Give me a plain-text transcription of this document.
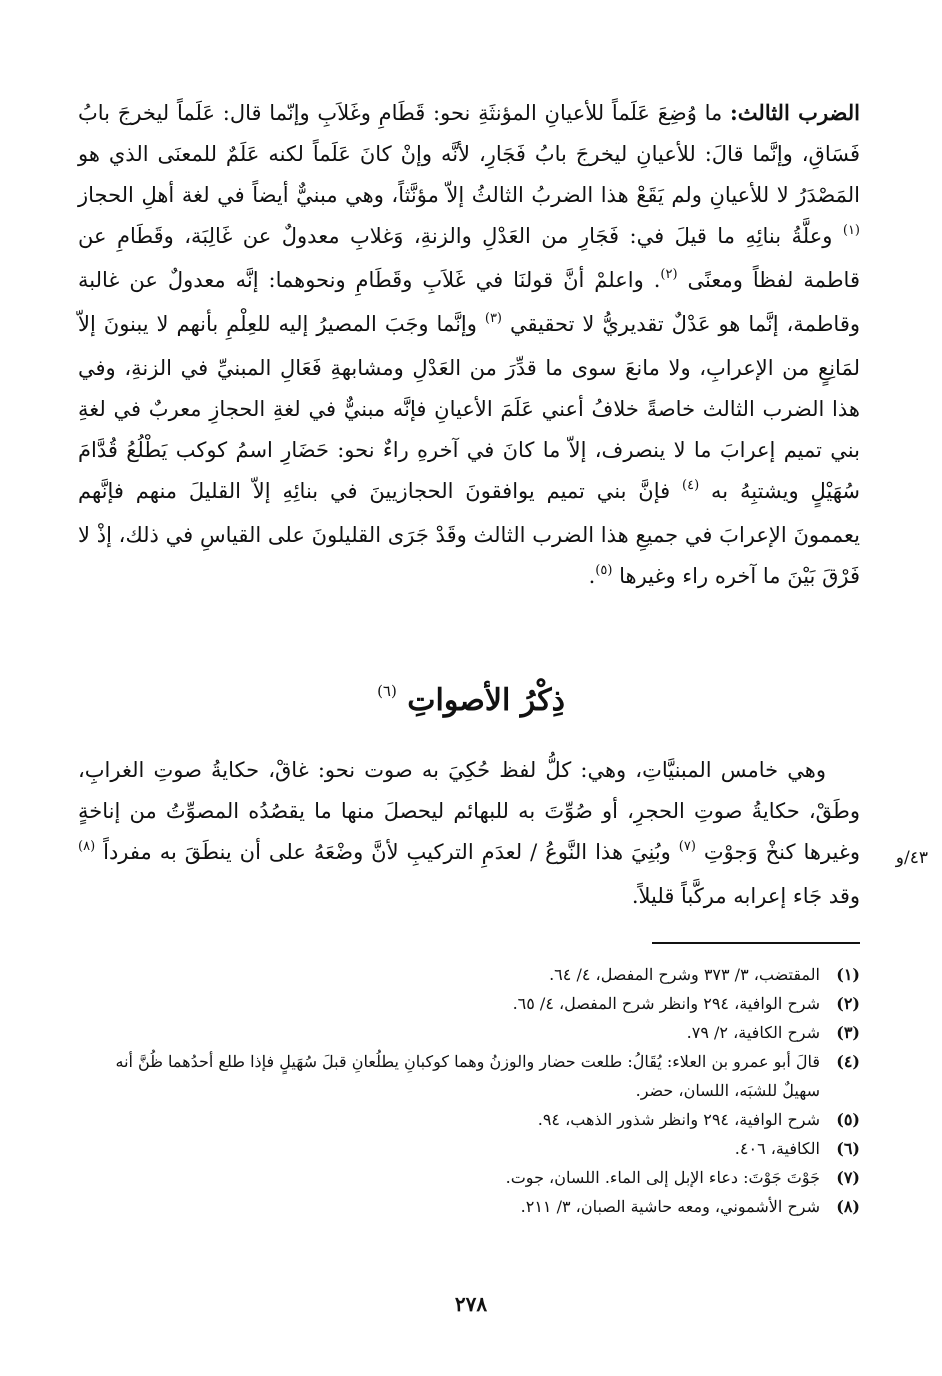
الضرب الثالث: ما وُضِعَ عَلَماً للأعيانِ المؤنثَةِ نحو: قَطَامِ وغَلاَبِ وإنّما قال: عَلَماً ليخرجَ بابُ فَسَاقِ، وإنَّما قالَ: للأعيانِ ليخرجَ بابُ فَجَارِ، لأنَّه وإنْ كانَ عَلَماً لكنه عَلَمٌ للمعنَى الذي هو المَصْدَرُ لا للأعيانِ ولم يَقَعْ هذا الضربُ الثالثُ إلاّ مؤنَّثاً، وهي مبنيٌّ أيضاً في لغة أهلِ الحجاز $^{(١)}$ وعلَّةُ بنائِهِ ما قيلَ في: فَجَارِ من العَدْلِ والزنةِ، وَغلابِ معدولٌ عن غَالِبَة، وقَطَامِ عن قاطمة لفظاً ومعنًى $^{(٢)}$. واعلمْ أنَّ قولنَا في غَلاَبِ وقَطَامِ ونحوهما: إنَّه معدولٌ عن غالبة وقاطمة، إنَّما هو عَدْلٌ تقديريُّ لا تحقيقي $^{(٣)}$ وإنَّما وجَبَ المصيرُ إليه للعِلْمِ بأنهم لا يبنونَ إلاّ لمَانِعٍ من الإعرابِ، ولا مانعَ سوى ما قدِّرَ من العَدْلِ ومشابهةِ فَعَالِ المبنيِّ في الزنةِ، وفي هذا الضرب الثالث خاصةً خلافُ أعني عَلَمَ الأعيانِ فإنَّه مبنيٌّ في لغةِ الحجازِ معربٌ في لغةِ بني تميم إعرابَ ما لا ينصرف، إلاّ ما كانَ في آخرهِ راءٌ نحو: حَضَارِ اسمُ كوكب يَطْلُعُ قُدَّامَ سُهَيْلٍ ويشتبِهُ به $^{(٤)}$ فإنَّ بني تميم يوافقونَ الحجازيينَ في بنائِهِ إلاّ القليلَ منهم فإنَّهم يعممونَ الإعرابَ في جميعِ هذا الضرب الثالث وقَدْ جَرَى القليلونَ على القياسِ في ذلك، إذْ لا فَرْقَ بَيْنَ ما آخره راء وغيرها $^{(٥)}$.

ذِكْرُ الأصواتِ $^{(٦)}$

وهي خامس المبنيَّاتِ، وهي: كلُّ لفظ حُكِيَ به صوت نحو: غاقْ، حكايةُ صوتِ الغرابِ، وطَقْ، حكايةُ صوتِ الحجرِ، أو صُوِّتَ به للبهائم ليحصلَ منها ما يقصُدُه المصوِّتُ من إناخةٍ وغيرها كنخْ وَجوْتِ $^{(٧)}$ وبُنِيَ هذا النَّوعُ / لعدَمِ التركيبِ لأنَّ وضْعَهُ على أن ينطَقَ به مفرداً $^{(٨)}$ وقد جَاء إعرابه مركَّباً قليلاً.

٤٣/و
(١)
المقتضب، ٣/ ٣٧٣ وشرح المفصل، ٤/ ٦٤.
(٢)
شرح الوافية، ٢٩٤ وانظر شرح المفصل، ٤/ ٦٥.
(٣)
شرح الكافية، ٢/ ٧٩.
(٤)
قالَ أبو عمرو بن العلاء: يُقَالُ: طلعت حضار والوزنُ وهما كوكبانِ يطلُعانِ قبلَ سُهَيلٍ فإذا طلع أحدُهما ظُنَّ أنه سهيلٌ للشبَه، اللسان، حضر.
(٥)
شرح الوافية، ٢٩٤ وانظر شذور الذهب، ٩٤.
(٦)
الكافية، ٤٠٦.
(٧)
جَوْتَ جَوْتَ: دعاء الإبل إلى الماء. اللسان، جوت.
(٨)
شرح الأشموني، ومعه حاشية الصبان، ٣/ ٢١١.
٢٧٨
